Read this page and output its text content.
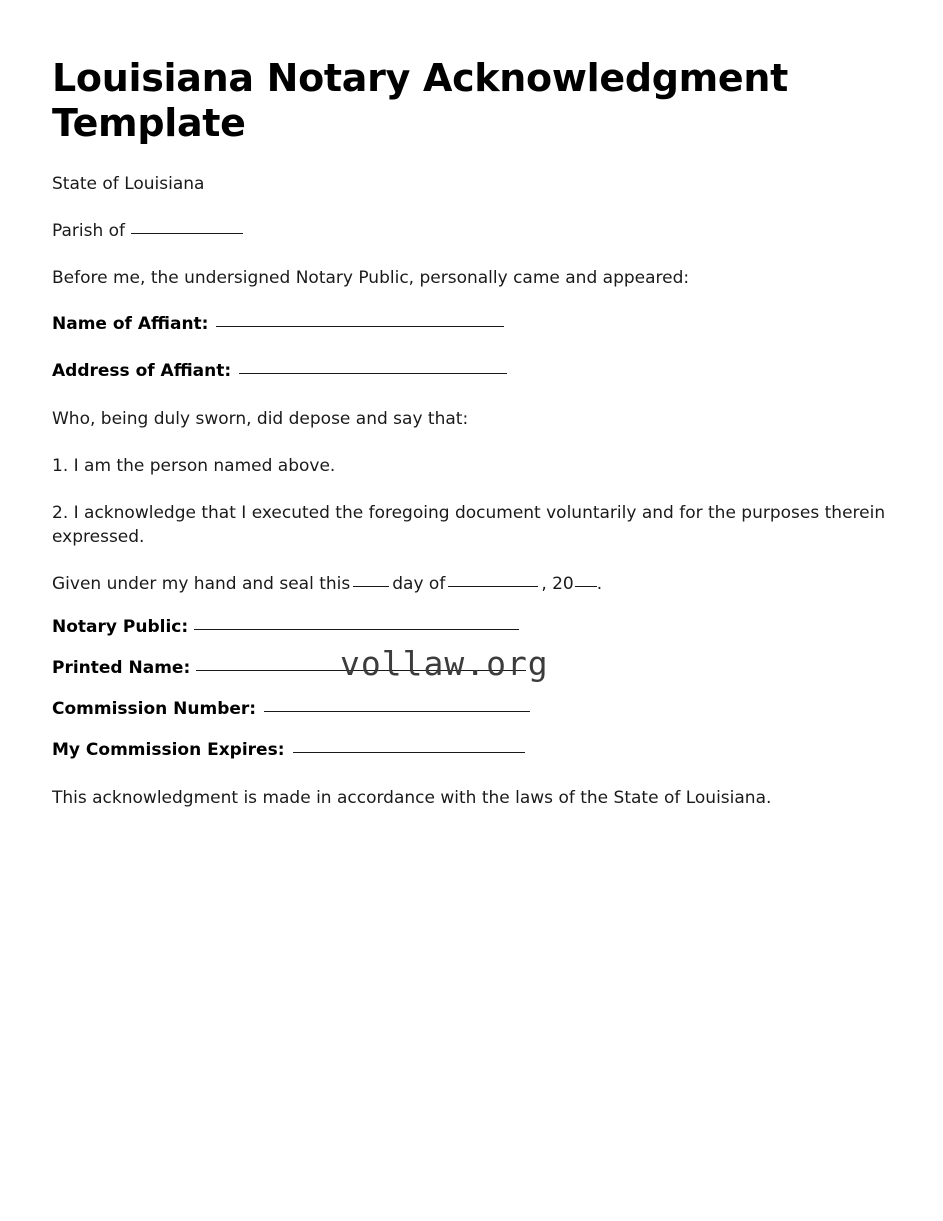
Louisiana Notary Acknowledgment Template

State of Louisiana

Parish of

Before me, the undersigned Notary Public, personally came and appeared:

Name of Affiant:

Address of Affiant:

Who, being duly sworn, did depose and say that:

1. I am the person named above.

2. I acknowledge that I executed the foregoing document voluntarily and for the purposes therein expressed.

Given under my hand and seal this day of	, 20 .

Notary Public:

Printed Name:	vollaw.org

Commission Number:

My Commission Expires:

This acknowledgment is made in accordance with the laws of the State of Louisiana.
